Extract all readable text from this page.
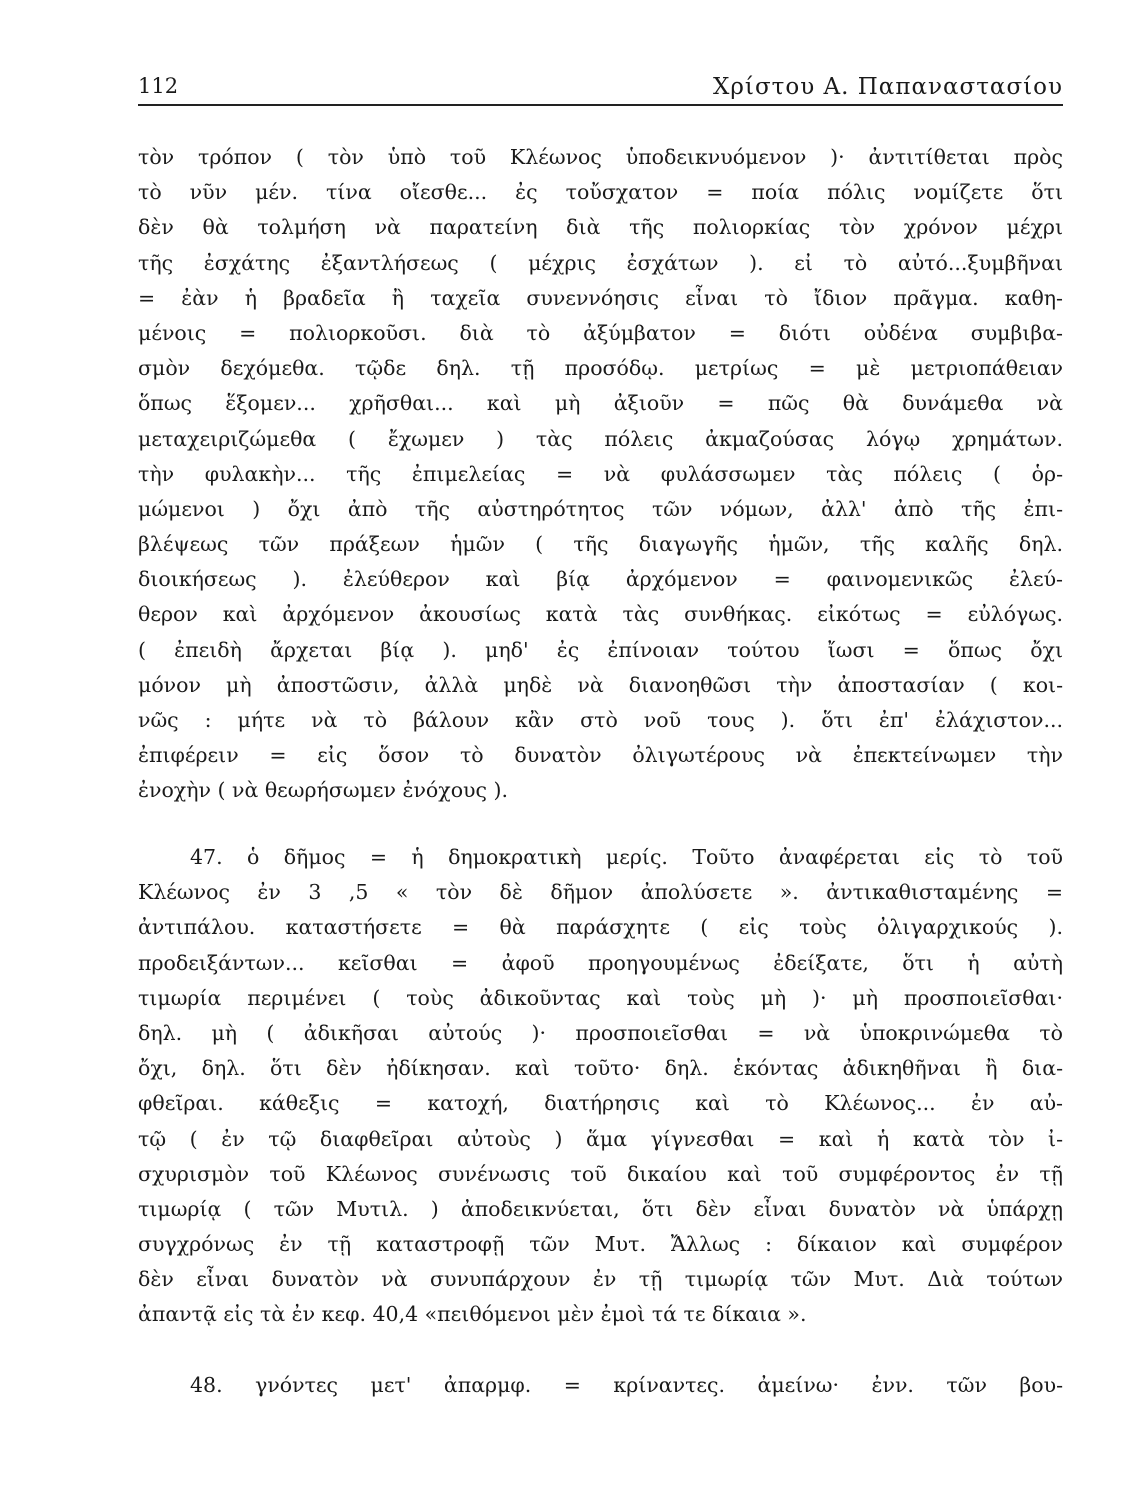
112	Χρίστου Α. Παπαναστασίου
τὸν τρόπον ( τὸν ὑπὸ τοῦ Κλέωνος ὑποδεικνυόμενον )· ἀντιτίθεται πρὸς
τὸ νῦν μέν. τίνα οἴεσθε... ἐς τοὔσχατον = ποία πόλις νομίζετε ὅτι
δὲν θὰ τολμήση νὰ παρατείνη διὰ τῆς πολιορκίας τὸν χρόνον μέχρι
τῆς ἐσχάτης ἐξαντλήσεως ( μέχρις ἐσχάτων ). εἰ τὸ αὐτό...ξυμβῆναι
= ἐὰν ἡ βραδεῖα ἢ ταχεῖα συνεννόησις εἶναι τὸ ἴδιον πρᾶγμα. καθη-
μένοις = πολιορκοῦσι. διὰ τὸ ἀξύμβατον = διότι οὐδένα συμβιβα-
σμὸν δεχόμεθα. τῷδε δηλ. τῇ προσόδῳ. μετρίως = μὲ μετριοπάθειαν
ὅπως ἕξομεν... χρῆσθαι... καὶ μὴ ἀξιοῦν = πῶς θὰ δυνάμεθα νὰ
μεταχειριζώμεθα ( ἔχωμεν ) τὰς πόλεις ἀκμαζούσας λόγῳ χρημάτων.
τὴν φυλακὴν... τῆς ἐπιμελείας = νὰ φυλάσσωμεν τὰς πόλεις ( ὁρ-
μώμενοι ) ὄχι ἀπὸ τῆς αὐστηρότητος τῶν νόμων, ἀλλ' ἀπὸ τῆς ἐπι-
βλέψεως τῶν πράξεων ἡμῶν ( τῆς διαγωγῆς ἡμῶν, τῆς καλῆς δηλ.
διοικήσεως ). ἐλεύθερον καὶ βίᾳ ἀρχόμενον = φαινομενικῶς ἐλεύ-
θερον καὶ ἀρχόμενον ἀκουσίως κατὰ τὰς συνθήκας. εἰκότως = εὐλόγως.
( ἐπειδὴ ἄρχεται βίᾳ ). μηδ' ἐς ἐπίνοιαν τούτου ἴωσι = ὅπως ὄχι
μόνον μὴ ἀποστῶσιν, ἀλλὰ μηδὲ νὰ διανοηθῶσι τὴν ἀποστασίαν ( κοι-
νῶς : μήτε νὰ τὸ βάλουν κἂν στὸ νοῦ τους ). ὅτι ἐπ' ἐλάχιστον...
ἐπιφέρειν = εἰς ὅσον τὸ δυνατὸν ὀλιγωτέρους νὰ ἐπεκτείνωμεν τὴν
ἐνοχὴν ( νὰ θεωρήσωμεν ἐνόχους ).
47. ὁ δῆμος = ἡ δημοκρατικὴ μερίς. Τοῦτο ἀναφέρεται εἰς τὸ τοῦ
Κλέωνος ἐν 3 ,5 « τὸν δὲ δῆμον ἀπολύσετε ». ἀντικαθισταμένης =
ἀντιπάλου. καταστήσετε = θὰ παράσχητε ( εἰς τοὺς ὀλιγαρχικούς ).
προδειξάντων... κεῖσθαι = ἀφοῦ προηγουμένως ἐδείξατε, ὅτι ἡ αὐτὴ
τιμωρία περιμένει ( τοὺς ἀδικοῦντας καὶ τοὺς μὴ )· μὴ προσποιεῖσθαι·
δηλ. μὴ ( ἀδικῆσαι αὐτούς )· προσποιεῖσθαι = νὰ ὑποκρινώμεθα τὸ
ὄχι, δηλ. ὅτι δὲν ἠδίκησαν. καὶ τοῦτο· δηλ. ἑκόντας ἀδικηθῆναι ἢ δια-
φθεῖραι. κάθεξις = κατοχή, διατήρησις καὶ τὸ Κλέωνος... ἐν αὐ-
τῷ ( ἐν τῷ διαφθεῖραι αὐτοὺς ) ἅμα γίγνεσθαι = καὶ ἡ κατὰ τὸν ἰ-
σχυρισμὸν τοῦ Κλέωνος συνένωσις τοῦ δικαίου καὶ τοῦ συμφέροντος ἐν τῇ
τιμωρίᾳ ( τῶν Μυτιλ. ) ἀποδεικνύεται, ὅτι δὲν εἶναι δυνατὸν νὰ ὑπάρχῃ
συγχρόνως ἐν τῇ καταστροφῇ τῶν Μυτ. Ἄλλως : δίκαιον καὶ συμφέρον
δὲν εἶναι δυνατὸν νὰ συνυπάρχουν ἐν τῇ τιμωρίᾳ τῶν Μυτ. Διὰ τούτων
ἀπαντᾷ εἰς τὰ ἐν κεφ. 40,4 «πειθόμενοι μὲν ἐμοὶ τά τε δίκαια ».
48. γνόντες μετ' ἀπαρμφ. = κρίναντες. ἀμείνω· ἐνν. τῶν βου-
